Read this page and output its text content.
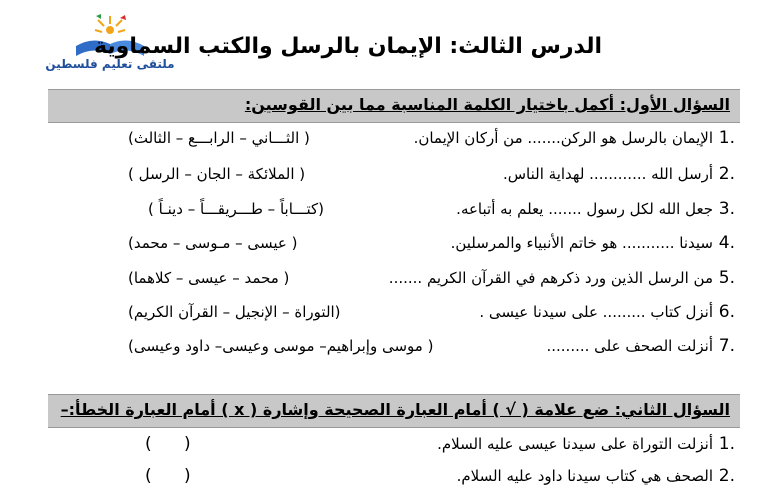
ملتقى تعليم فلسطين
الدرس الثالث: الإيمان بالرسل والكتب السماوية
السؤال الأول: أكمل باختيار الكلمة المناسبة مما بين القوسين:
1.
الإيمان بالرسل هو الركن....... من أركان الإيمان.
( الثـــاني – الرابـــع – الثالث)
2.
أرسل الله ............ لهداية الناس.
( الملائكة – الجان – الرسل )
3.
جعل الله لكل رسول ....... يعلم به أتباعه.
(كتـــاباً – طـــريقـــاً – دينـاً )
4.
سيدنا ........... هو خاتم الأنبياء والمرسلين.
( عيسى – مـوسى – محمد)
5.
من الرسل الذين ورد ذكرهم في القرآن الكريم .......
( محمد – عيسى – كلاهما)
6.
أنزل كتاب ......... على سيدنا عيسى .
(التوراة – الإنجيل – القرآن الكريم)
7.
أنزلت الصحف على .........
( موسى وإبراهيم– موسى وعيسى– داود وعيسى)
السؤال الثاني: ضع علامة ( √ ) أمام العبارة الصحيحة وإشارة ( x ) أمام العبارة الخطأ:–
1.
أنزلت التوراة على سيدنا عيسى عليه السلام.
(      )
2.
الصحف هي كتاب سيدنا داود عليه السلام.
(      )
